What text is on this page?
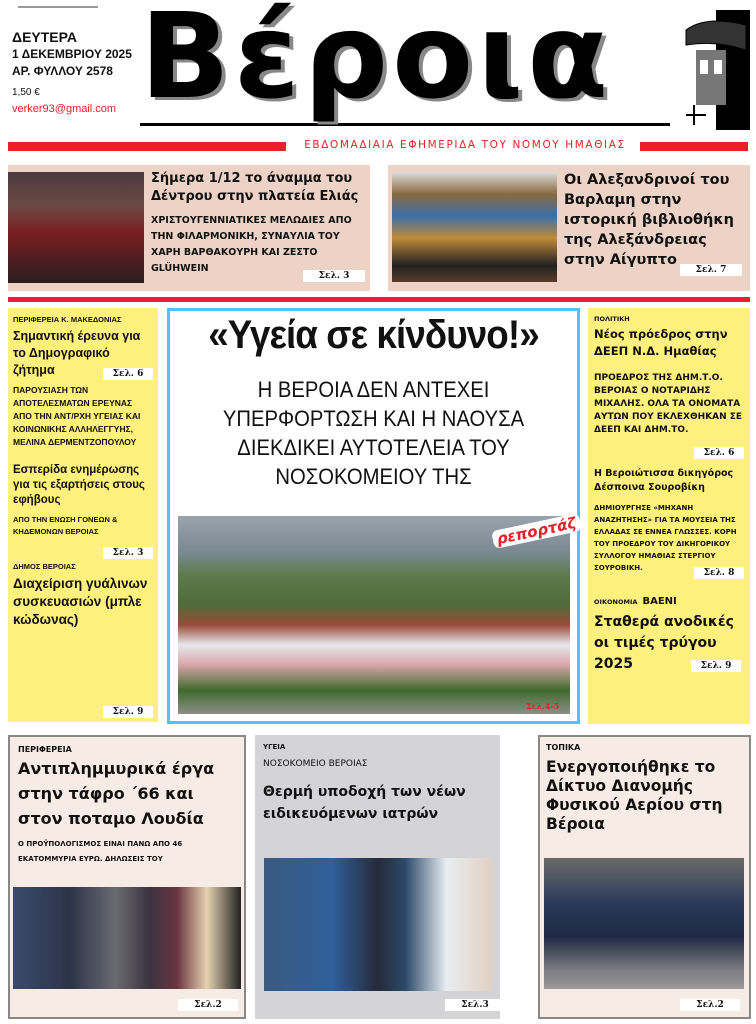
ΔΕΥΤΕΡΑ
1 ΔΕΚΕΜΒΡΙΟΥ 2025
ΑΡ. ΦΥΛΛΟΥ 2578
1,50 €
verker93@gmail.com Βέροια
ΕΒΔΟΜΑΔΙΑΙΑ ΕΦΗΜΕΡΙΔΑ ΤΟΥ ΝΟΜΟΥ ΗΜΑΘΙΑΣ
Σήμερα 1/12 το άναμμα του Δέντρου στην πλατεία Ελιάς
ΧΡΙΣΤΟΥΓΕΝΝΙΑΤΙΚΕΣ ΜΕΛΩΔΙΕΣ ΑΠΟ ΤΗΝ ΦΙΛΑΡΜΟΝΙΚΗ, ΣΥΝΑΥΛΙΑ ΤΟΥ ΧΑΡΗ ΒΑΡΘΑΚΟΥΡΗ ΚΑΙ ΖΕΣΤΟ GLÜHWEIN
Σελ. 3
Οι Αλεξανδρινοί του Βαρλαμη στην ιστορική βιβλιοθήκη της Αλεξάνδρειας στην Αίγυπτο
Σελ. 7
ΠΕΡΙΦΕΡΕΙΑ Κ. ΜΑΚΕΔΟΝΙΑΣ
Σημαντική έρευνα για το Δημογραφικό ζήτημα	Σελ. 6
ΠΑΡΟΥΣΙΑΣΗ ΤΩΝ ΑΠΟΤΕΛΕΣΜΑΤΩΝ ΕΡΕΥΝΑΣ ΑΠΟ ΤΗΝ ΑΝΤ/ΡΧΗ ΥΓΕΙΑΣ ΚΑΙ ΚΟΙΝΩΝΙΚΗΣ ΑΛΛΗΛΕΓΓΥΗΣ, ΜΕΛΙΝΑ ΔΕΡΜΕΝΤΖΟΠΟΥΛΟΥ
Εσπερίδα ενημέρωσης για τις εξαρτήσεις στους εφήβους
ΑΠΟ ΤΗΝ ΕΝΩΣΗ ΓΟΝΕΩΝ & ΚΗΔΕΜΟΝΩΝ ΒΕΡΟΙΑΣ
Σελ. 3
ΔΗΜΟΣ ΒΕΡΟΙΑΣ
Διαχείριση γυάλινων συσκευασιών (μπλε κώδωνας)
Σελ. 9
«Υγεία σε κίνδυνο!»
Η ΒΕΡΟΙΑ ΔΕΝ ΑΝΤΕΧΕΙ ΥΠΕΡΦΟΡΤΩΣΗ ΚΑΙ Η ΝΑΟΥΣΑ ΔΙΕΚΔΙΚΕΙ ΑΥΤΟΤΕΛΕΙΑ ΤΟΥ ΝΟΣΟΚΟΜΕΙΟΥ ΤΗΣ
ρεπορτάζ
Σελ.4-5
ΠΟΛΙΤΙΚΗ
Νέος πρόεδρος στην ΔΕΕΠ Ν.Δ. Ημαθίας
ΠΡΟΕΔΡΟΣ ΤΗΣ ΔΗΜ.Τ.Ο. ΒΕΡΟΙΑΣ Ο ΝΟΤΑΡΙΔΗΣ ΜΙΧΑΛΗΣ. ΟΛΑ ΤΑ ΟΝΟΜΑΤΑ ΑΥΤΩΝ ΠΟΥ ΕΚΛΕΧΘΗΚΑΝ ΣΕ ΔΕΕΠ ΚΑΙ ΔΗΜ.ΤΟ.
Σελ. 6
Η Βεροιώτισσα δικηγόρος Δέσποινα Σουροβίκη
ΔΗΜΙΟΥΡΓΗΣΕ «ΜΗΧΑΝΗ ΑΝΑΖΗΤΗΣΗΣ» ΓΙΑ ΤΑ ΜΟΥΣΕΙΑ ΤΗΣ ΕΛΛΑΔΑΣ ΣΕ ΕΝΝΕΑ ΓΛΩΣΣΕΣ. ΚΟΡΗ ΤΟΥ ΠΡΟΕΔΡΟΥ ΤΟΥ ΔΙΚΗΓΟΡΙΚΟΥ ΣΥΛΛΟΓΟΥ ΗΜΑΘΙΑΣ ΣΤΕΡΓΙΟΥ ΣΟΥΡΟΒΙΚΗ.	Σελ. 8
ΟΙΚΟΝΟΜΙΑ ΒΑΕΝΙ
Σταθερά ανοδικές οι τιμές τρύγου 2025	Σελ. 9
ΠΕΡΙΦΕΡΕΙΑ
Αντιπλημμυρικά έργα στην τάφρο ΄66 και στον ποταμο Λουδία
Ο ΠΡΟΫΠΟΛΟΓΙΣΜΟΣ ΕΙΝΑΙ ΠΑΝΩ ΑΠΟ 46 ΕΚΑΤΟΜΜΥΡΙΑ ΕΥΡΩ. ΔΗΛΩΣΕΙΣ ΤΟΥ
Σελ.2
ΥΓΕΙΑ
ΝΟΣΟΚΟΜΕΙΟ ΒΕΡΟΙΑΣ
Θερμή υποδοχή των νέων ειδικευόμενων ιατρών
Σελ.3
ΤΟΠΙΚΑ
Ενεργοποιήθηκε το Δίκτυο Διανομής Φυσικού Αερίου στη Βέροια
Σελ.2
